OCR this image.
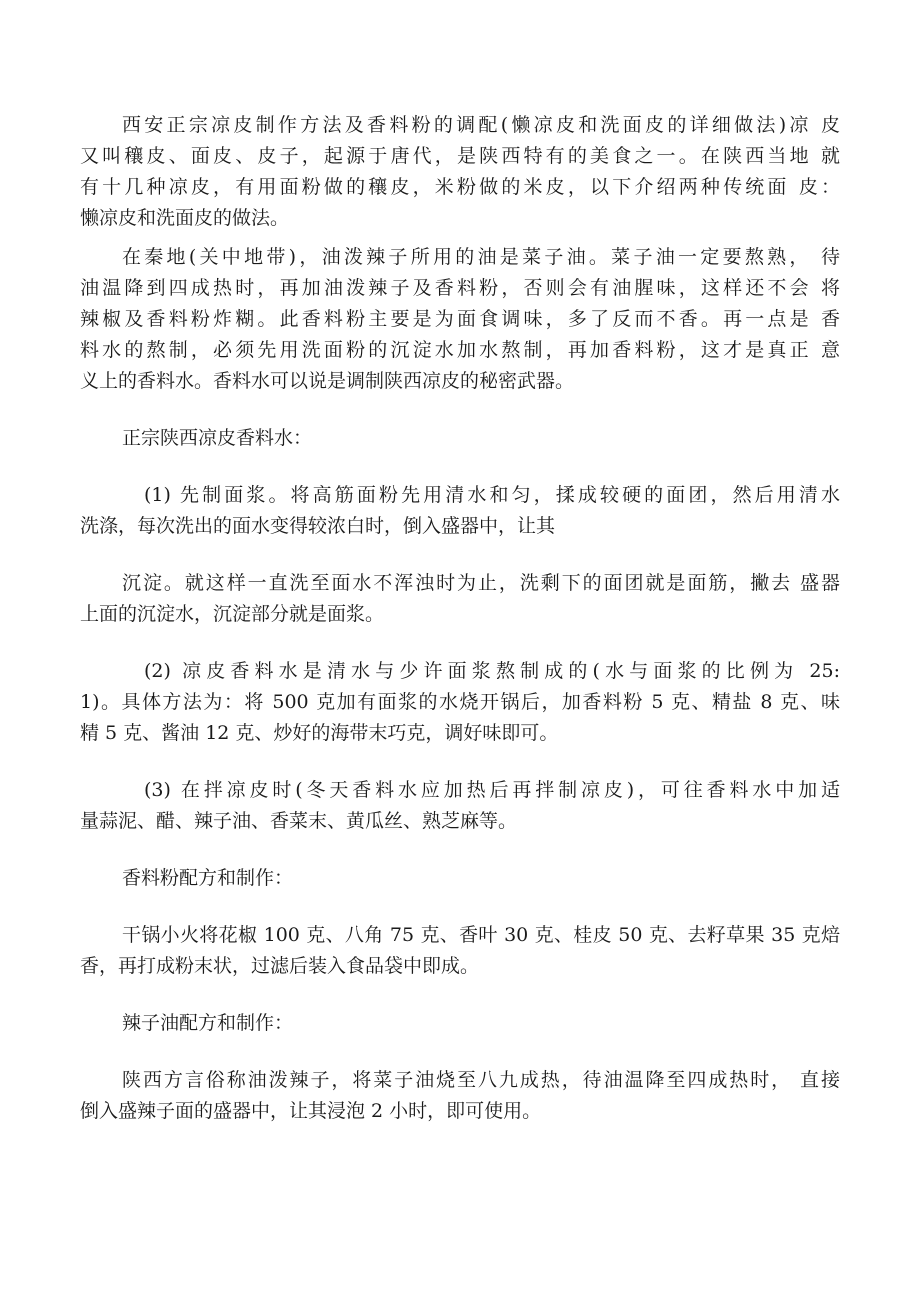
西安正宗凉皮制作方法及香料粉的调配(懒凉皮和洗面皮的详细做法)凉 皮
又叫穰皮、面皮、皮子，起源于唐代，是陕西特有的美食之一。在陕西当地 就
有十几种凉皮，有用面粉做的穰皮，米粉做的米皮，以下介绍两种传统面 皮：
懒凉皮和洗面皮的做法。
在秦地(关中地带)，油泼辣子所用的油是菜子油。菜子油一定要熬熟， 待
油温降到四成热时，再加油泼辣子及香料粉，否则会有油腥味，这样还不会 将
辣椒及香料粉炸糊。此香料粉主要是为面食调味，多了反而不香。再一点是 香
料水的熬制，必须先用洗面粉的沉淀水加水熬制，再加香料粉，这才是真正 意
义上的香料水。香料水可以说是调制陕西凉皮的秘密武器。
正宗陕西凉皮香料水：
(1) 先制面浆。将高筋面粉先用清水和匀，揉成较硬的面团，然后用清水
洗涤，每次洗出的面水变得较浓白时，倒入盛器中，让其
沉淀。就这样一直洗至面水不浑浊时为止，洗剩下的面团就是面筋，撇去 盛器
上面的沉淀水，沉淀部分就是面浆。
(2) 凉皮香料水是清水与少许面浆熬制成的(水与面浆的比例为 25:
1)。具体方法为：将 500 克加有面浆的水烧开锅后，加香料粉 5 克、精盐 8 克、味
精 5 克、酱油 12 克、炒好的海带末巧克，调好味即可。
(3) 在拌凉皮时(冬天香料水应加热后再拌制凉皮)，可往香料水中加适
量蒜泥、醋、辣子油、香菜末、黄瓜丝、熟芝麻等。
香料粉配方和制作：
干锅小火将花椒 100 克、八角 75 克、香叶 30 克、桂皮 50 克、去籽草果 35 克焙
香，再打成粉末状，过滤后装入食品袋中即成。
辣子油配方和制作：
陕西方言俗称油泼辣子，将菜子油烧至八九成热，待油温降至四成热时， 直接
倒入盛辣子面的盛器中，让其浸泡 2 小时，即可使用。
